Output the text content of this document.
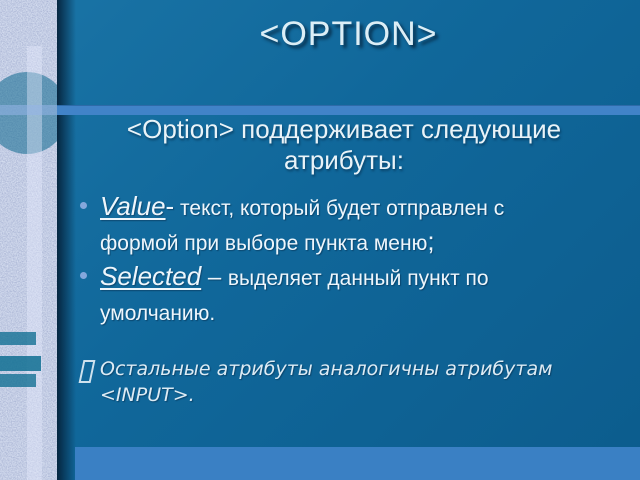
<OPTION>
<Option> поддерживает следующие
атрибуты:
Value- текст, который будет отправлен с
формой при выборе пункта меню;
Selected – выделяет данный пункт по
умолчанию.
Остальные атрибуты аналогичны атрибутам
<INPUT>.
